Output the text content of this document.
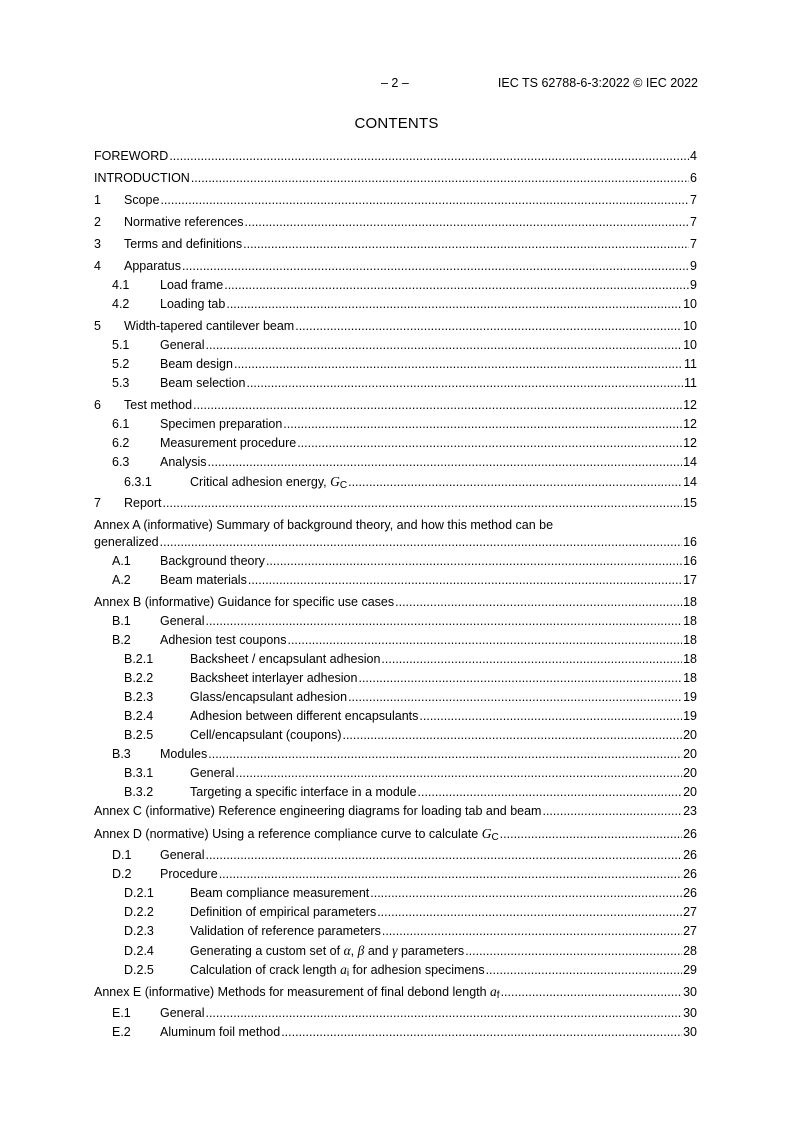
– 2 –	IEC TS 62788-6-3:2022 © IEC 2022
CONTENTS
FOREWORD .....	4
INTRODUCTION .....	6
1	Scope .....	7
2	Normative references .....	7
3	Terms and definitions .....	7
4	Apparatus .....	9
4.1	Load frame .....	9
4.2	Loading tab .....	10
5	Width-tapered cantilever beam .....	10
5.1	General .....	10
5.2	Beam design .....	11
5.3	Beam selection .....	11
6	Test method .....	12
6.1	Specimen preparation .....	12
6.2	Measurement procedure .....	12
6.3	Analysis .....	14
6.3.1	Critical adhesion energy, $G_C$ .....	14
7	Report .....	15
Annex A (informative) Summary of background theory, and how this method can be
generalized .....	16
A.1	Background theory .....	16
A.2	Beam materials .....	17
Annex B (informative) Guidance for specific use cases .....	18
B.1	General .....	18
B.2	Adhesion test coupons .....	18
B.2.1	Backsheet / encapsulant adhesion .....	18
B.2.2	Backsheet interlayer adhesion .....	18
B.2.3	Glass/encapsulant adhesion .....	19
B.2.4	Adhesion between different encapsulants .....	19
B.2.5	Cell/encapsulant (coupons) .....	20
B.3	Modules .....	20
B.3.1	General .....	20
B.3.2	Targeting a specific interface in a module .....	20
Annex C (informative) Reference engineering diagrams for loading tab and beam .....	23
Annex D (normative) Using a reference compliance curve to calculate $G_C$ .....	26
D.1	General .....	26
D.2	Procedure .....	26
D.2.1	Beam compliance measurement .....	26
D.2.2	Definition of empirical parameters .....	27
D.2.3	Validation of reference parameters .....	27
D.2.4	Generating a custom set of α, β and γ parameters .....	28
D.2.5	Calculation of crack length $a_i$ for adhesion specimens .....	29
Annex E (informative) Methods for measurement of final debond length $a_f$ .....	30
E.1	General .....	30
E.2	Aluminum foil method .....	30
